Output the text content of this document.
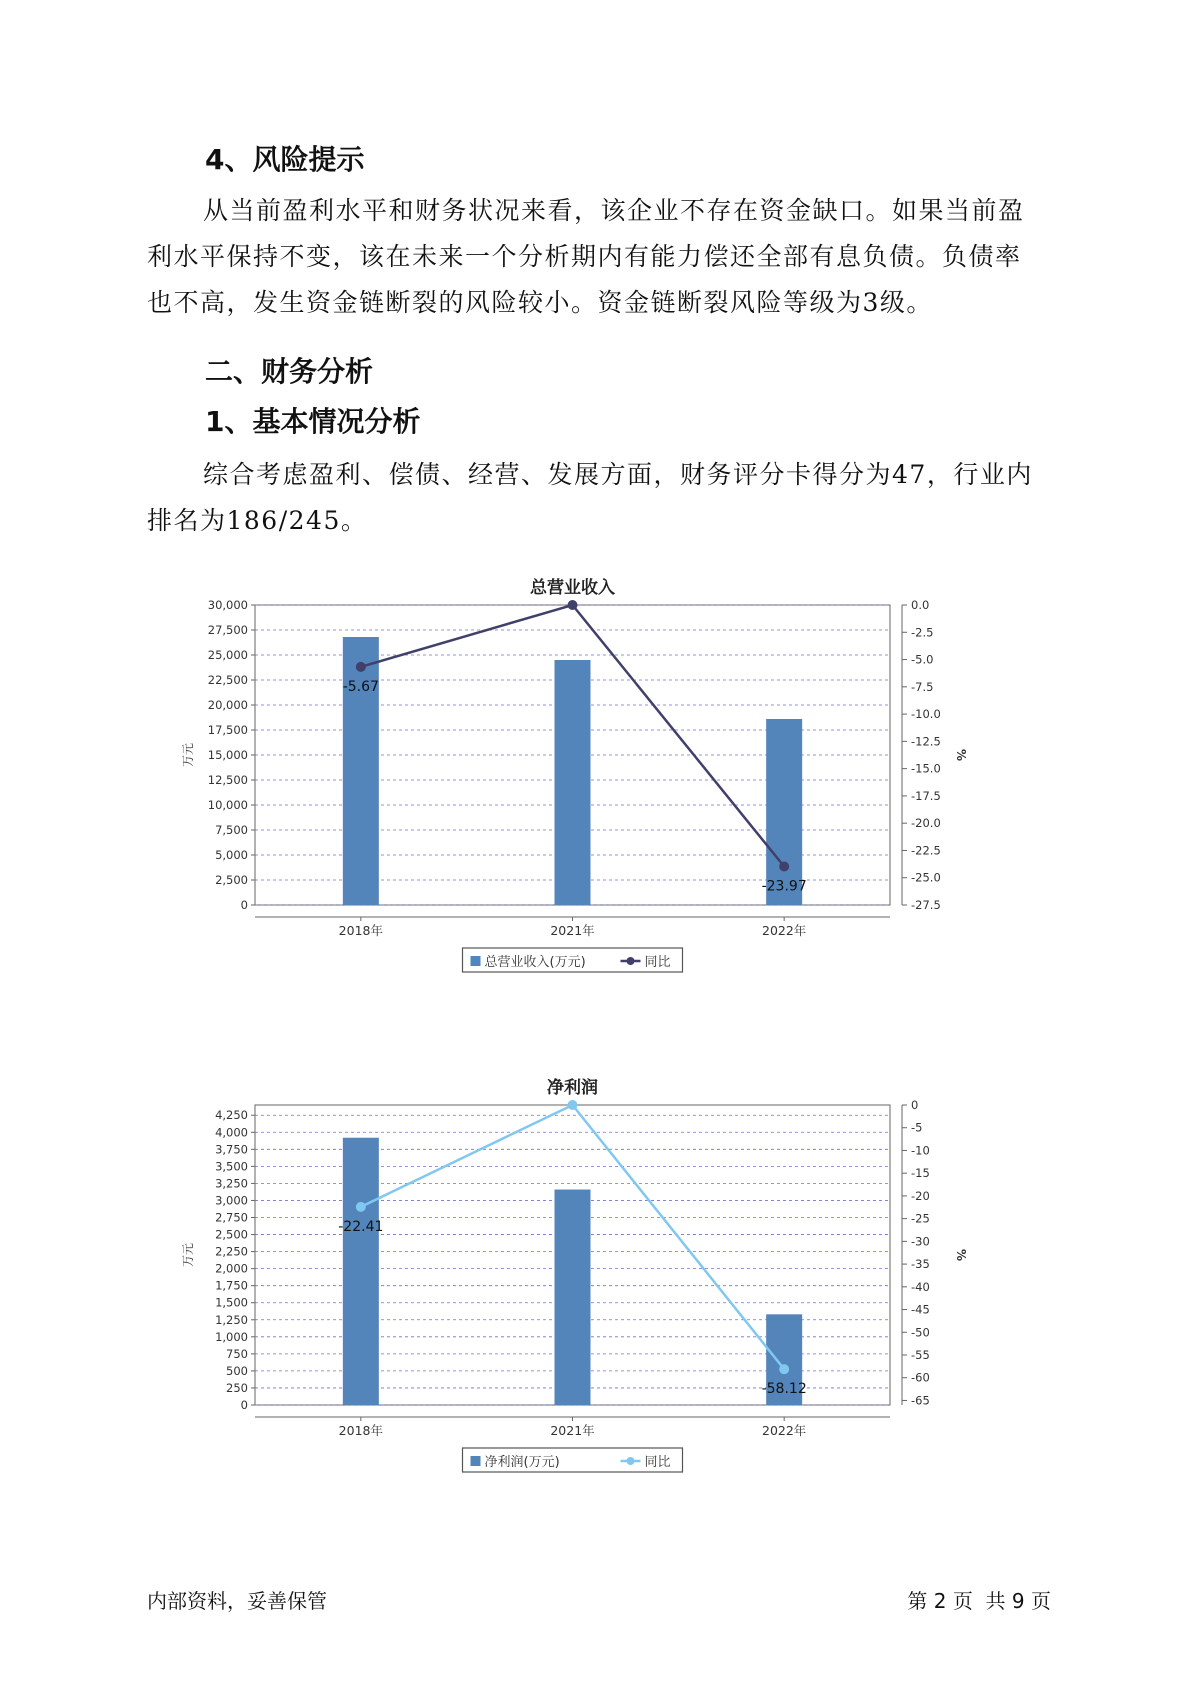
4、风险提示

从当前盈利水平和财务状况来看，该企业不存在资金缺口。如果当前盈利水平保持不变，该在未来一个分析期内有能力偿还全部有息负债。负债率也不高，发生资金链断裂的风险较小。资金链断裂风险等级为3级。

二、财务分析
1、基本情况分析

综合考虑盈利、偿债、经营、发展方面，财务评分卡得分为47，行业内排名为186/245。

总营业收入
30,000
27,500
25,000
22,500
20,000
17,500
15,000
12,500
10,000
7,500
5,000
2,500
0
0.0
-2.5
-5.0
-7.5
-10.0
-12.5
-15.0
-17.5
-20.0
-22.5
-25.0
-27.5
万元	%
2018年	2021年	2022年
-5.67
-23.97
总营业收入(万元)	同比
净利润
4,250
4,000
3,750
3,500
3,250
3,000
2,750
2,500
2,250
2,000
1,750
1,500
1,250
1,000
750
500
250
0
0
-5
-10
-15
-20
-25
-30
-35
-40
-45
-50
-55
-60
-65
万元	%
2018年	2021年	2022年
-22.41
-58.12
净利润(万元)	同比
内部资料，妥善保管	第 2 页  共 9 页
